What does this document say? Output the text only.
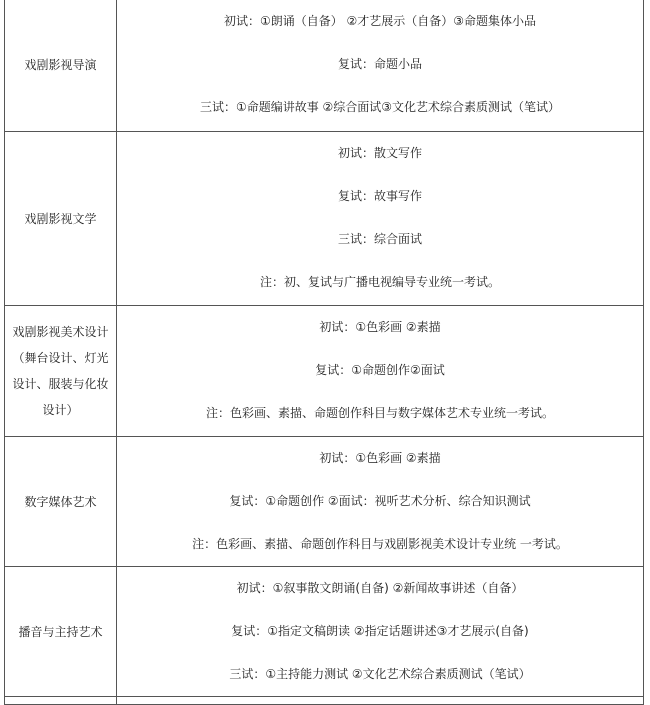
戏剧影视导演	初试：①朗诵（自备） ②才艺展示（自备）③命题集体小品
复试：命题小品
三试：①命题编讲故事 ②综合面试③文化艺术综合素质测试（笔试）

戏剧影视文学	初试：散文写作
复试：故事写作
三试：综合面试
注：初、复试与广播电视编导专业统一考试。

戏剧影视美术设计（舞台设计、灯光设计、服装与化妆设计）	初试：①色彩画 ②素描
复试：①命题创作②面试
注：色彩画、素描、命题创作科目与数字媒体艺术专业统一考试。

数字媒体艺术	初试：①色彩画 ②素描
复试：①命题创作 ②面试：视听艺术分析、综合知识测试
注：色彩画、素描、命题创作科目与戏剧影视美术设计专业统 一考试。

播音与主持艺术	初试：①叙事散文朗诵(自备) ②新闻故事讲述（自备）
复试：①指定文稿朗读 ②指定话题讲述③才艺展示(自备)
三试：①主持能力测试 ②文化艺术综合素质测试（笔试）
